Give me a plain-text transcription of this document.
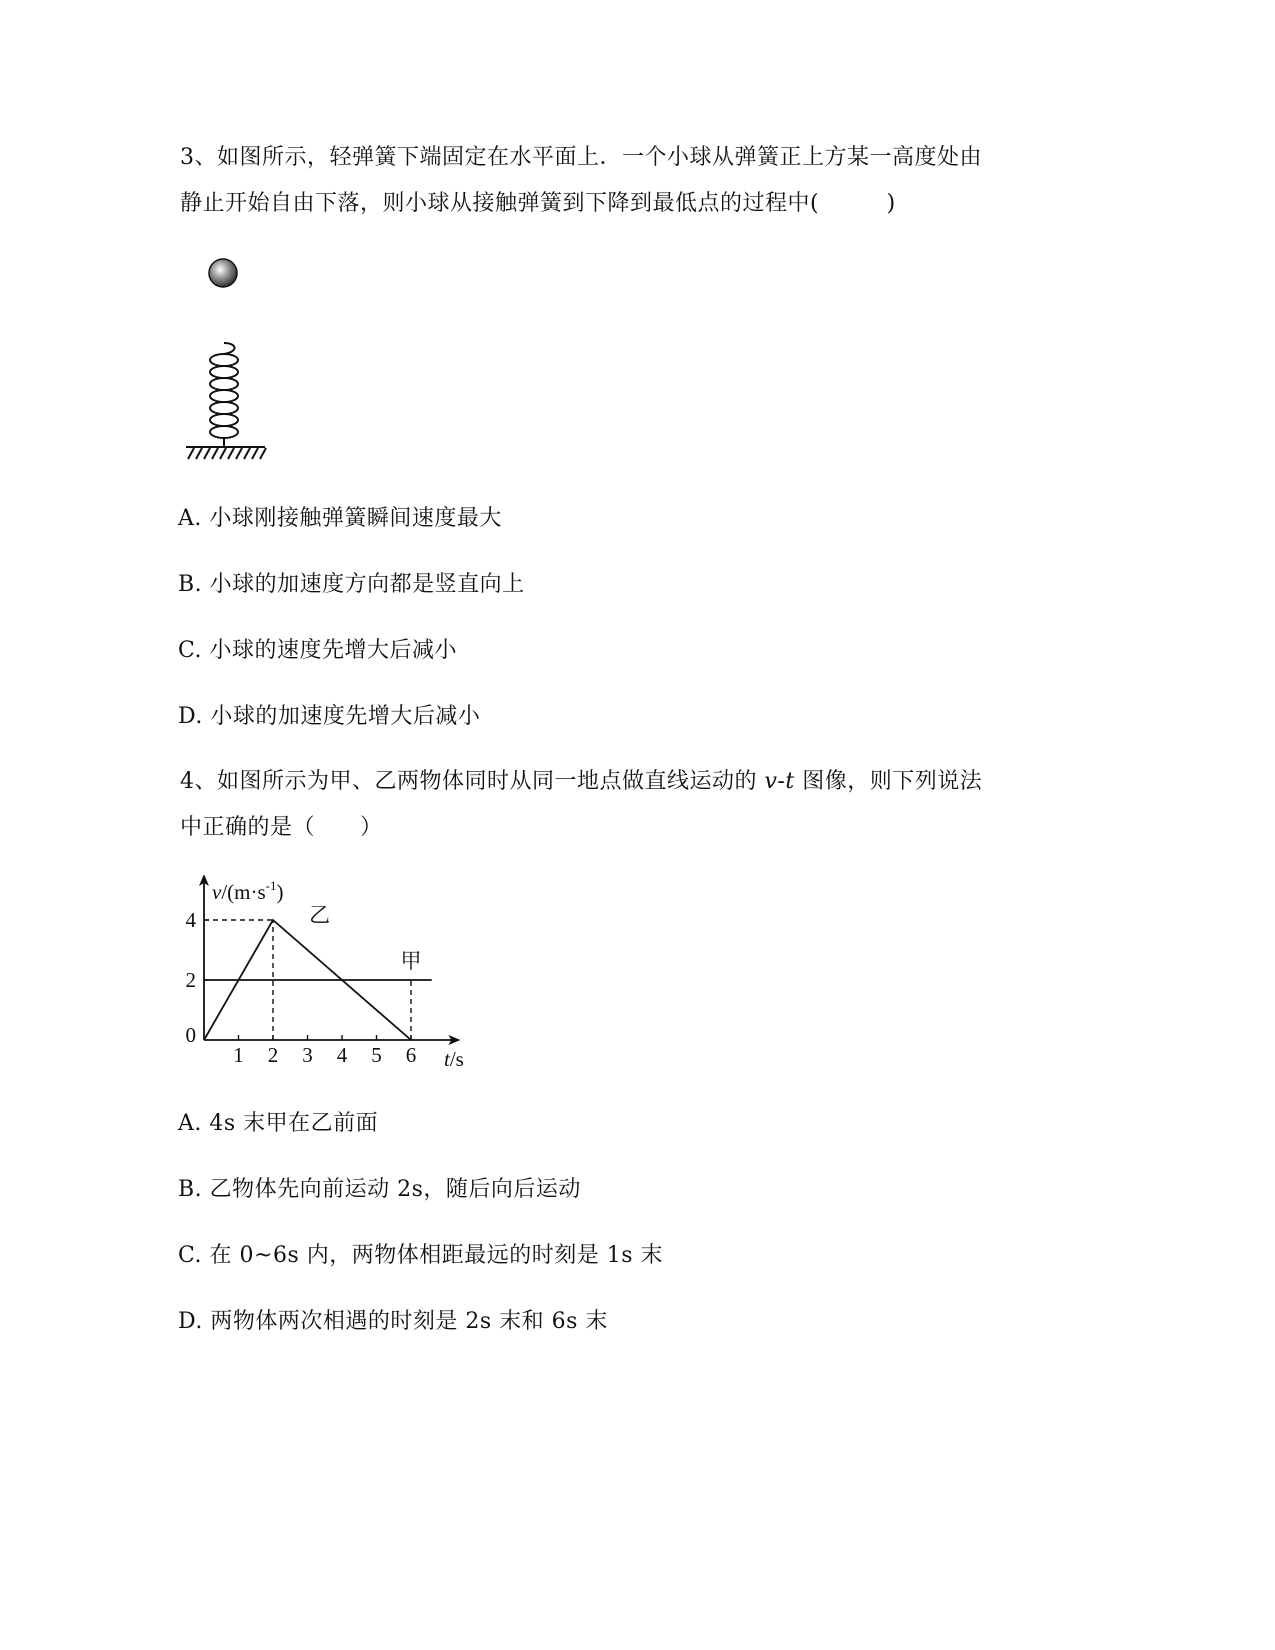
3、如图所示，轻弹簧下端固定在水平面上．一个小球从弹簧正上方某一高度处由
静止开始自由下落，则小球从接触弹簧到下降到最低点的过程中(　　　)
A. 小球刚接触弹簧瞬间速度最大
B. 小球的加速度方向都是竖直向上
C. 小球的速度先增大后减小
D. 小球的加速度先增大后减小
4、如图所示为甲、乙两物体同时从同一地点做直线运动的 v-t 图像，则下列说法
中正确的是（　　）
1 2 3 4 5 6
4
2
0
$v/(m\cdot s^{-1})$
t/s
甲
乙
A. 4s 末甲在乙前面
B. 乙物体先向前运动 2s，随后向后运动
C. 在 0~6s 内，两物体相距最远的时刻是 1s 末
D. 两物体两次相遇的时刻是 2s 末和 6s 末
